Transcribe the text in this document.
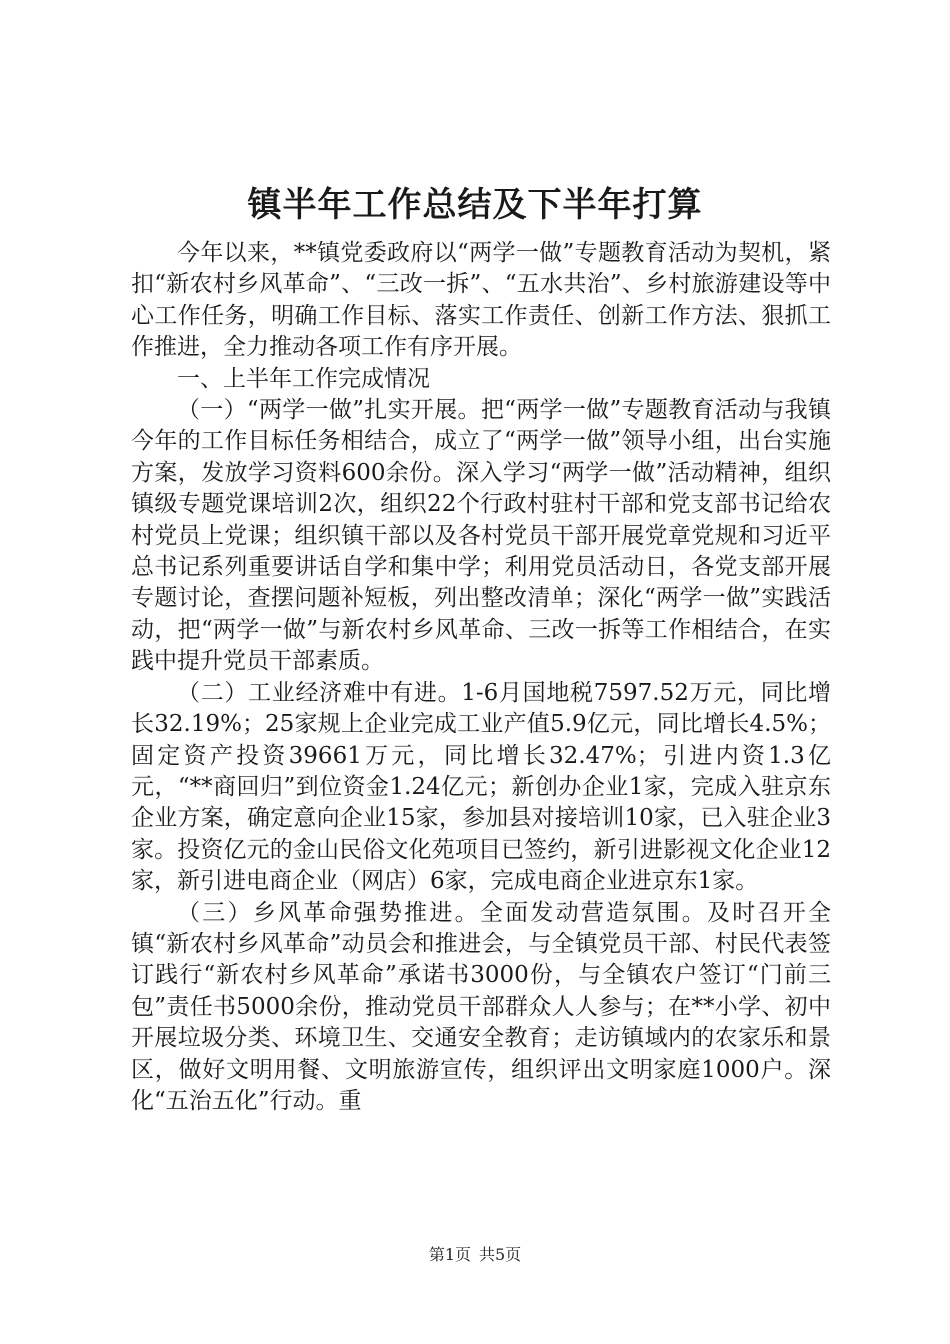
镇半年工作总结及下半年打算

今年以来，**镇党委政府以“两学一做”专题教育活动为契机，紧扣“新农村乡风革命”、“三改一拆”、“五水共治”、乡村旅游建设等中心工作任务，明确工作目标、落实工作责任、创新工作方法、狠抓工作推进，全力推动各项工作有序开展。

一、上半年工作完成情况

（一）“两学一做”扎实开展。把“两学一做”专题教育活动与我镇今年的工作目标任务相结合，成立了“两学一做”领导小组，出台实施方案，发放学习资料600余份。深入学习“两学一做”活动精神，组织镇级专题党课培训2次，组织22个行政村驻村干部和党支部书记给农村党员上党课；组织镇干部以及各村党员干部开展党章党规和习近平总书记系列重要讲话自学和集中学；利用党员活动日，各党支部开展专题讨论，查摆问题补短板，列出整改清单；深化“两学一做”实践活动，把“两学一做”与新农村乡风革命、三改一拆等工作相结合，在实践中提升党员干部素质。

（二）工业经济难中有进。1-6月国地税7597.52万元，同比增长32.19%；25家规上企业完成工业产值5.9亿元，同比增长4.5%；固定资产投资39661万元，同比增长32.47%；引进内资1.3亿元，“**商回归”到位资金1.24亿元；新创办企业1家，完成入驻京东企业方案，确定意向企业15家，参加县对接培训10家，已入驻企业3家。投资亿元的金山民俗文化苑项目已签约，新引进影视文化企业12家，新引进电商企业（网店）6家，完成电商企业进京东1家。

（三）乡风革命强势推进。全面发动营造氛围。及时召开全镇“新农村乡风革命”动员会和推进会，与全镇党员干部、村民代表签订践行“新农村乡风革命”承诺书3000份，与全镇农户签订“门前三包”责任书5000余份，推动党员干部群众人人参与；在**小学、初中开展垃圾分类、环境卫生、交通安全教育；走访镇域内的农家乐和景区，做好文明用餐、文明旅游宣传，组织评出文明家庭1000户。深化“五治五化”行动。重

第1页 共5页
